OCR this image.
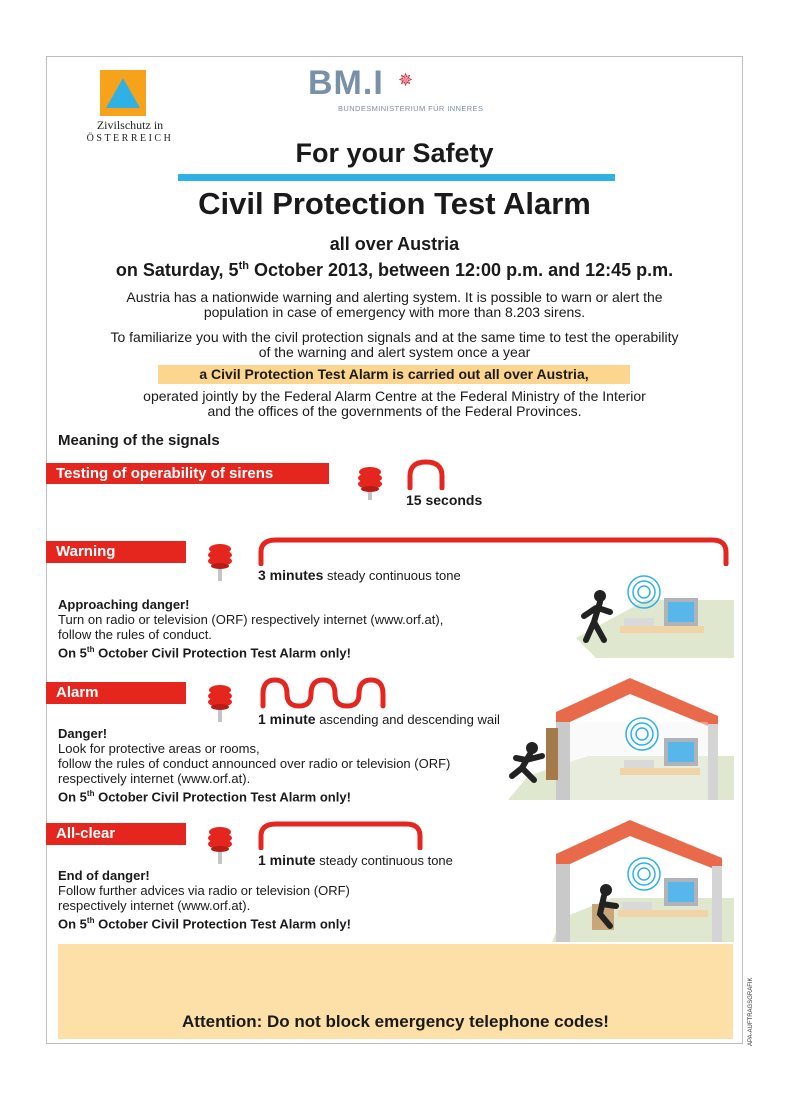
Zivilschutz in
ÖSTERREICH
BM.I ✵
BUNDESMINISTERIUM FÜR INNERES
For your Safety
Civil Protection Test Alarm
all over Austria
on Saturday, 5th October 2013, between 12:00 p.m. and 12:45 p.m.
Austria has a nationwide warning and alerting system. It is possible to warn or alert the
population in case of emergency with more than 8.203 sirens.
To familiarize you with the civil protection signals and at the same time to test the operability
of the warning and alert system once a year
a Civil Protection Test Alarm is carried out all over Austria,
operated jointly by the Federal Alarm Centre at the Federal Ministry of the Interior
and the offices of the governments of the Federal Provinces.
Meaning of the signals
Testing of operability of sirens
15 seconds
Warning
3 minutes steady continuous tone
Approaching danger!
Turn on radio or television (ORF) respectively internet (www.orf.at),
follow the rules of conduct.
On 5th October Civil Protection Test Alarm only!
Alarm
1 minute ascending and descending wail
Danger!
Look for protective areas or rooms,
follow the rules of conduct announced over radio or television (ORF)
respectively internet (www.orf.at).
On 5th October Civil Protection Test Alarm only!
All-clear
1 minute steady continuous tone
End of danger!
Follow further advices via radio or television (ORF)
respectively internet (www.orf.at).
On 5th October Civil Protection Test Alarm only!
Attention: Do not block emergency telephone codes!	APA-AUFTRAGSGRAFIK
